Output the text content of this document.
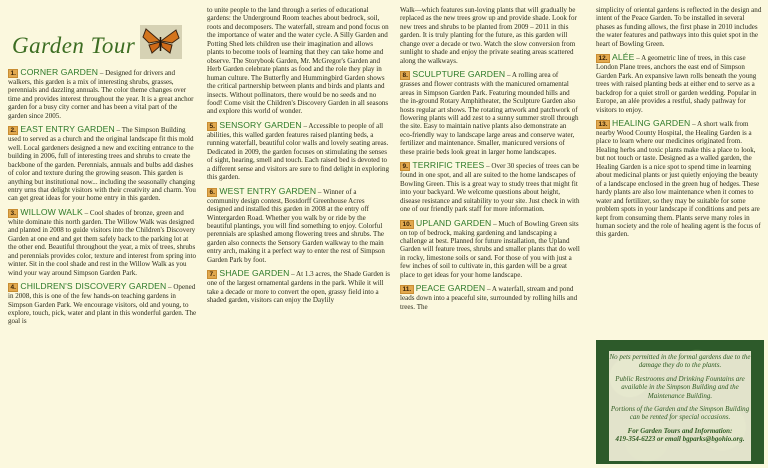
Garden Tour
1. CORNER GARDEN – Designed for drivers and walkers, this garden is a mix of interesting shrubs, grasses, perennials and dazzling annuals. The color theme changes over time and provides interest throughout the year. It is a great anchor garden for a busy city corner and has been a vital part of the garden since 2005.
2. EAST ENTRY GARDEN – The Simpson Building used to served as a church and the original landscape fit this mold well. Local gardeners designed a new and exciting entrance to the building in 2006, full of interesting trees and shrubs to create the backbone of the garden. Perennials, annuals and bulbs add dashes of color and texture during the growing season. This garden is anything but institutional now... including the seasonally changing entry urns that delight visitors with their creativity and charm. You can get great ideas for your home entry in this garden.
3. WILLOW WALK – Cool shades of bronze, green and white dominate this north garden. The Willow Walk was designed and planted in 2008 to guide visitors into the Children's Discovery Garden at one end and get them safely back to the parking lot at the other end. Beautiful throughout the year, a mix of trees, shrubs and perennials provides color, texture and interest from spring into winter. Sit in the cool shade and rest in the Willow Walk as you wind your way around Simpson Garden Park.
4. CHILDREN'S DISCOVERY GARDEN – Opened in 2008, this is one of the few hands-on teaching gardens in Simpson Garden Park. We encourage visitors, old and young, to explore, touch, pick, water and plant in this wonderful garden. The goal is
to unite people to the land through a series of educational gardens: the Underground Room teaches about bedrock, soil, roots and decomposers. The waterfall, stream and pond focus on the importance of water and the water cycle. A Silly Garden and Potting Shed lets children use their imagination and allows plants to become tools of learning that they can take home and observe. The Storybook Garden, Mr. McGregor's Garden and Herb Garden celebrate plants as food and the role they play in human culture. The Butterfly and Hummingbird Garden shows the critical partnership between plants and birds and plants and insects. Without pollinators, there would be no seeds and no food! Come visit the Children's Discovery Garden in all seasons and explore this world of wonder.
5. SENSORY GARDEN – Accessible to people of all abilities, this walled garden features raised planting beds, a running waterfall, beautiful color walls and lovely seating areas. Dedicated in 2009, the garden focuses on stimulating the senses of sight, hearing, smell and touch. Each raised bed is devoted to a different sense and visitors are sure to find delight in exploring this garden.
6. WEST ENTRY GARDEN – Winner of a community design contest, Bostdorff Greenhouse Acres designed and installed this garden in 2008 at the entry off Wintergarden Road. Whether you walk by or ride by the beautiful plantings, you will find something to enjoy. Colorful perennials are splashed among flowering trees and shrubs. The garden also connects the Sensory Garden walkway to the main entry arch, making it a perfect way to enter the rest of Simpson Garden Park by foot.
7. SHADE GARDEN – At 1.3 acres, the Shade Garden is one of the largest ornamental gardens in the park. While it will take a decade or more to convert the open, grassy field into a shaded garden, visitors can enjoy the Daylily
Walk—which features sun-loving plants that will gradually be replaced as the new trees grow up and provide shade. Look for new trees and shrubs to be planted from 2009 – 2011 in this garden. It is truly planting for the future, as this garden will change over a decade or two. Watch the slow conversion from sunlight to shade and enjoy the private seating areas scattered along the walkways.
8. SCULPTURE GARDEN – A rolling area of grasses and flower contrasts with the manicured ornamental areas in Simpson Garden Park. Featuring mounded hills and the in-ground Rotary Amphitheater, the Sculpture Garden also hosts regular art shows. The rotating artwork and patchwork of flowering plants will add zest to a sunny summer stroll through the site. Easy to maintain native plants also demonstrate an eco-friendly way to landscape large areas and conserve water, fertilizer and maintenance. Smaller, manicured versions of these prairie beds look great in larger home landscapes.
9. TERRIFIC TREES – Over 30 species of trees can be found in one spot, and all are suited to the home landscapes of Bowling Green. This is a great way to study trees that might fit into your backyard. We welcome questions about height, disease resistance and suitability to your site. Just check in with one of our friendly park staff for more information.
10. UPLAND GARDEN – Much of Bowling Green sits on top of bedrock, making gardening and landscaping a challenge at best. Planned for future installation, the Upland Garden will feature trees, shrubs and smaller plants that do well in rocky, limestone soils or sand. For those of you with just a few inches of soil to cultivate in, this garden will be a great place to get ideas for your home landscape.
11. PEACE GARDEN – A waterfall, stream and pond leads down into a peaceful site, surrounded by rolling hills and trees. The
simplicity of oriental gardens is reflected in the design and intent of the Peace Garden. To be installed in several phases as funding allows, the first phase in 2010 includes the water features and pathways into this quiet spot in the heart of Bowling Green.
12. ALÉE – A geometric line of trees, in this case London Plane trees, anchors the east end of Simpson Garden Park. An expansive lawn rolls beneath the young trees with raised planting beds at either end to serve as a backdrop for a quiet stroll or garden wedding. Popular in Europe, an alée provides a restful, shady pathway for visitors to enjoy.
13. HEALING GARDEN – A short walk from nearby Wood County Hospital, the Healing Garden is a place to learn where our medicines originated from. Healing herbs and toxic plants make this a place to look, but not touch or taste. Designed as a walled garden, the Healing Garden is a nice spot to spend time in learning about medicinal plants or just quietly enjoying the beauty of a landscape enclosed in the green hug of hedges. These hardy plants are also low maintenance when it comes to water and fertilizer, so they may be suitable for some problem spots in your landscape if conditions and pets are kept from consuming them. Plants serve many roles in human society and the role of healing agent is the focus of this garden.

No pets permitted in the formal gardens due to the damage they do to the plants.

Public Restrooms and Drinking Fountains are available in the Simpson Building and the Maintenance Building.

Portions of the Garden and the Simpson Building can be rented for special occasions.

For Garden Tours and Information:
419-354-6223 or email bgparks@bgohio.org.
